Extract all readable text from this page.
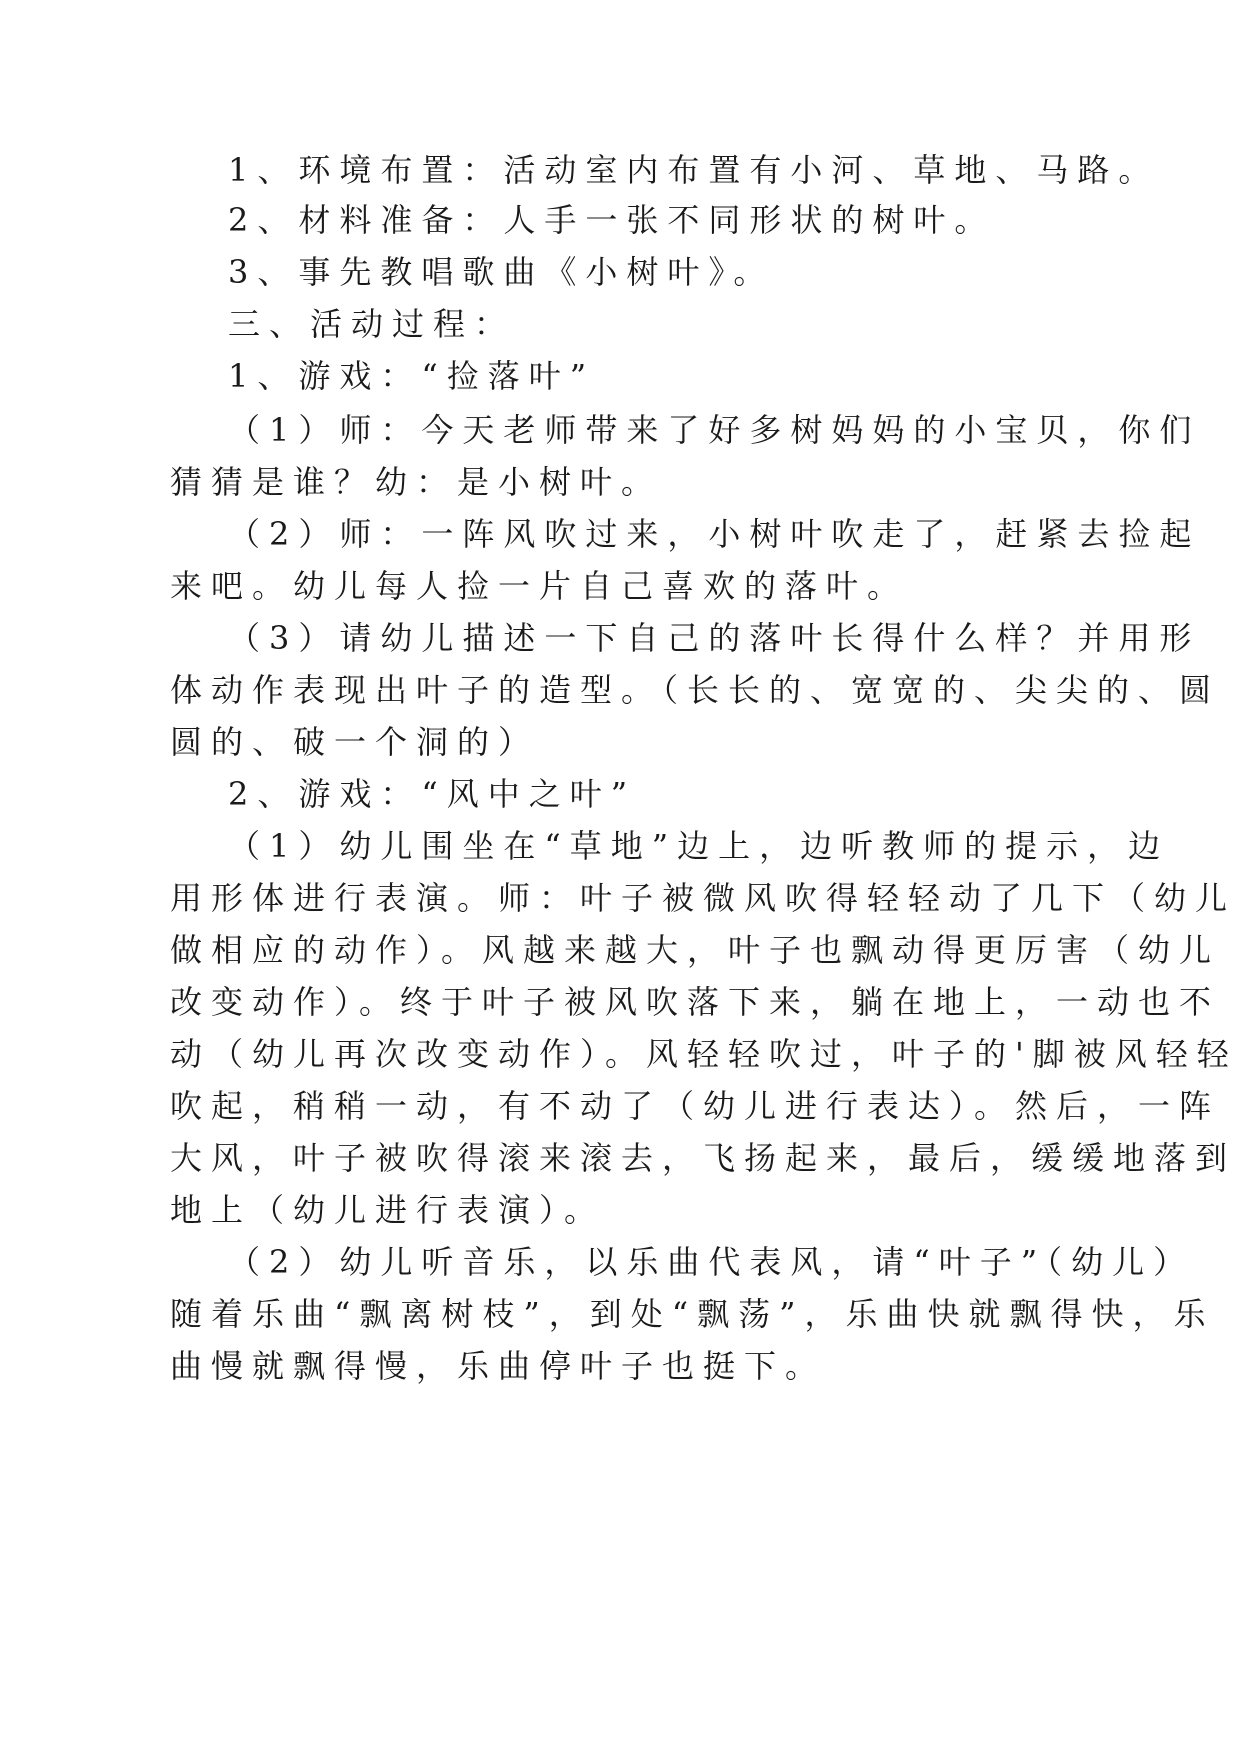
1、环境布置：活动室内布置有小河、草地、马路。
2、材料准备：人手一张不同形状的树叶。
3、事先教唱歌曲《小树叶》。
三、活动过程：
1、游戏：“捡落叶”
（1）师：今天老师带来了好多树妈妈的小宝贝，你们
猜猜是谁？幼：是小树叶。
（2）师：一阵风吹过来，小树叶吹走了，赶紧去捡起
来吧。幼儿每人捡一片自己喜欢的落叶。
（3）请幼儿描述一下自己的落叶长得什么样？并用形
体动作表现出叶子的造型。（长长的、宽宽的、尖尖的、圆
圆的、破一个洞的）
2、游戏：“风中之叶”
（1）幼儿围坐在“草地”边上，边听教师的提示，边
用形体进行表演。师：叶子被微风吹得轻轻动了几下（幼儿
做相应的动作）。风越来越大，叶子也飘动得更厉害（幼儿
改变动作）。终于叶子被风吹落下来，躺在地上，一动也不
动（幼儿再次改变动作）。风轻轻吹过，叶子的'脚被风轻轻
吹起，稍稍一动，有不动了（幼儿进行表达）。然后，一阵
大风，叶子被吹得滚来滚去，飞扬起来，最后，缓缓地落到
地上（幼儿进行表演）。
（2）幼儿听音乐，以乐曲代表风，请“叶子”（幼儿）
随着乐曲“飘离树枝”，到处“飘荡”，乐曲快就飘得快，乐
曲慢就飘得慢，乐曲停叶子也挺下。
